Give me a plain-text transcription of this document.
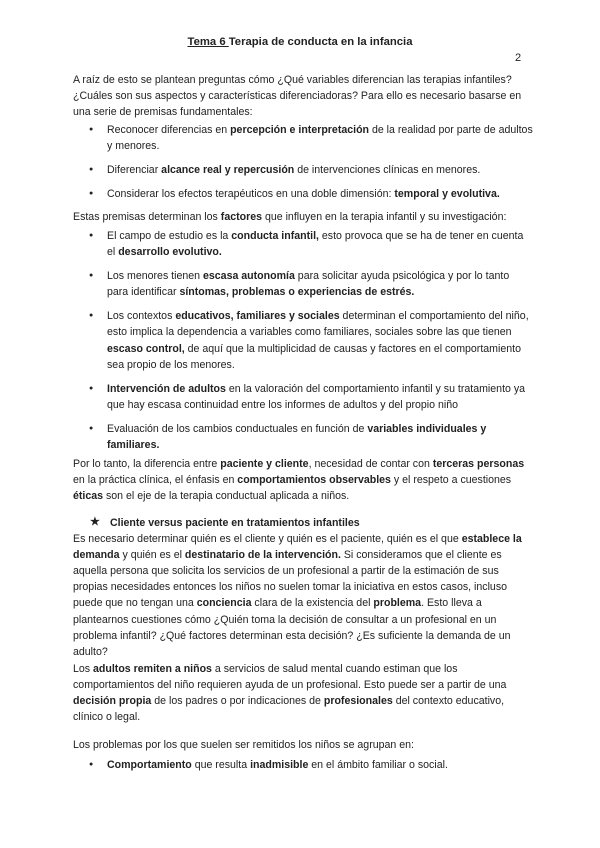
Tema 6 Terapia de conducta en la infancia
2

A raíz de esto se plantean preguntas cómo ¿Qué variables diferencian las terapias infantiles? ¿Cuáles son sus aspectos y características diferenciadoras? Para ello es necesario basarse en una serie de premisas fundamentales:

● Reconocer diferencias en percepción e interpretación de la realidad por parte de adultos y menores.
● Diferenciar alcance real y repercusión de intervenciones clínicas en menores.
● Considerar los efectos terapéuticos en una doble dimensión: temporal y evolutiva.

Estas premisas determinan los factores que influyen en la terapia infantil y su investigación:

● El campo de estudio es la conducta infantil, esto provoca que se ha de tener en cuenta el desarrollo evolutivo.
● Los menores tienen escasa autonomía para solicitar ayuda psicológica y por lo tanto para identificar síntomas, problemas o experiencias de estrés.
● Los contextos educativos, familiares y sociales determinan el comportamiento del niño, esto implica la dependencia a variables como familiares, sociales sobre las que tienen escaso control, de aquí que la multiplicidad de causas y factores en el comportamiento sea propio de los menores.
● Intervención de adultos en la valoración del comportamiento infantil y su tratamiento ya que hay escasa continuidad entre los informes de adultos y del propio niño
● Evaluación de los cambios conductuales en función de variables individuales y familiares.

Por lo tanto, la diferencia entre paciente y cliente, necesidad de contar con terceras personas en la práctica clínica, el énfasis en comportamientos observables y el respeto a cuestiones éticas son el eje de la terapia conductual aplicada a niños.

★ Cliente versus paciente en tratamientos infantiles

Es necesario determinar quién es el cliente y quién es el paciente, quién es el que establece la demanda y quién es el destinatario de la intervención. Si consideramos que el cliente es aquella persona que solicita los servicios de un profesional a partir de la estimación de sus propias necesidades entonces los niños no suelen tomar la iniciativa en estos casos, incluso puede que no tengan una conciencia clara de la existencia del problema. Esto lleva a plantearnos cuestiones cómo ¿Quién toma la decisión de consultar a un profesional en un problema infantil? ¿Qué factores determinan esta decisión? ¿Es suficiente la demanda de un adulto?

Los adultos remiten a niños a servicios de salud mental cuando estiman que los comportamientos del niño requieren ayuda de un profesional. Esto puede ser a partir de una decisión propia de los padres o por indicaciones de profesionales del contexto educativo, clínico o legal.

Los problemas por los que suelen ser remitidos los niños se agrupan en:

● Comportamiento que resulta inadmisible en el ámbito familiar o social.
